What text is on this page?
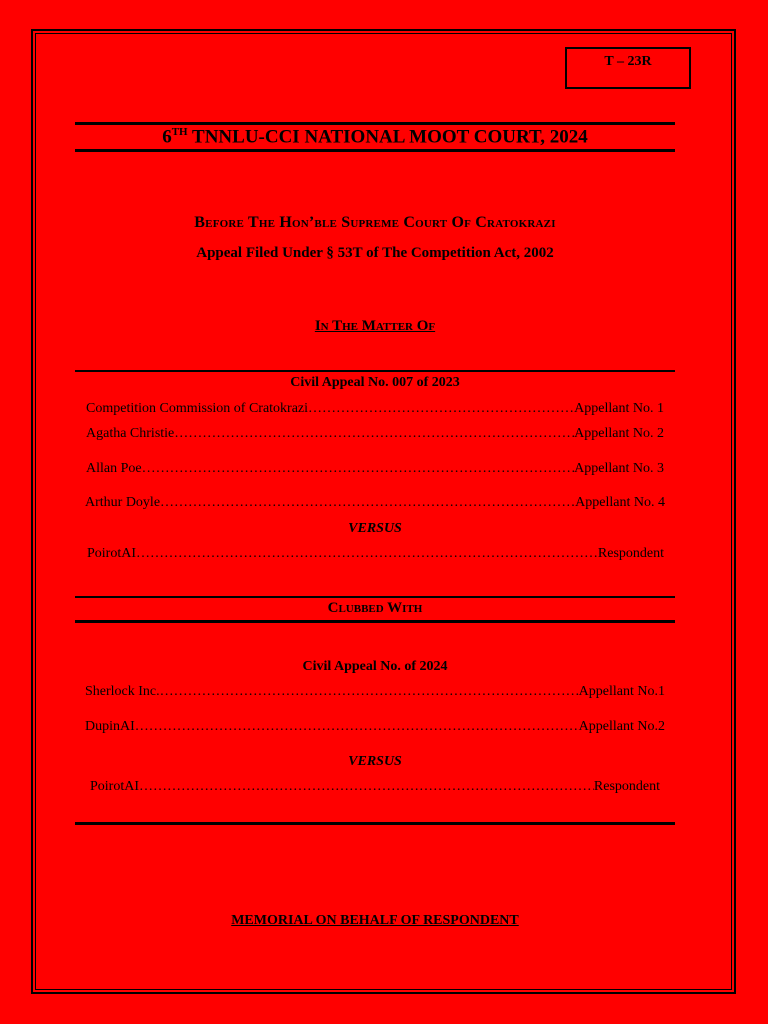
T – 23R
6TH TNNLU-CCI NATIONAL MOOT COURT, 2024
Before The Hon’ble Supreme Court Of Cratokrazi
Appeal Filed Under § 53T of The Competition Act, 2002
In The Matter Of
Civil Appeal No. 007 of 2023
Competition Commission of Cratokrazi ……………………………………………………………………………………………………………………………………	Appellant No. 1
Agatha Christie ……………………………………………………………………………………………………………………………………	Appellant No. 2
Allan Poe ……………………………………………………………………………………………………………………………………	Appellant No. 3
Arthur Doyle ……………………………………………………………………………………………………………………………………	Appellant No. 4
VERSUS
PoirotAI ……………………………………………………………………………………………………………………………………	Respondent
Clubbed With
Civil Appeal No. of 2024
Sherlock Inc. ……………………………………………………………………………………………………………………………………	Appellant No.1
DupinAI ……………………………………………………………………………………………………………………………………	Appellant No.2
VERSUS
PoirotAI ……………………………………………………………………………………………………………………………………	Respondent
MEMORIAL ON BEHALF OF RESPONDENT
